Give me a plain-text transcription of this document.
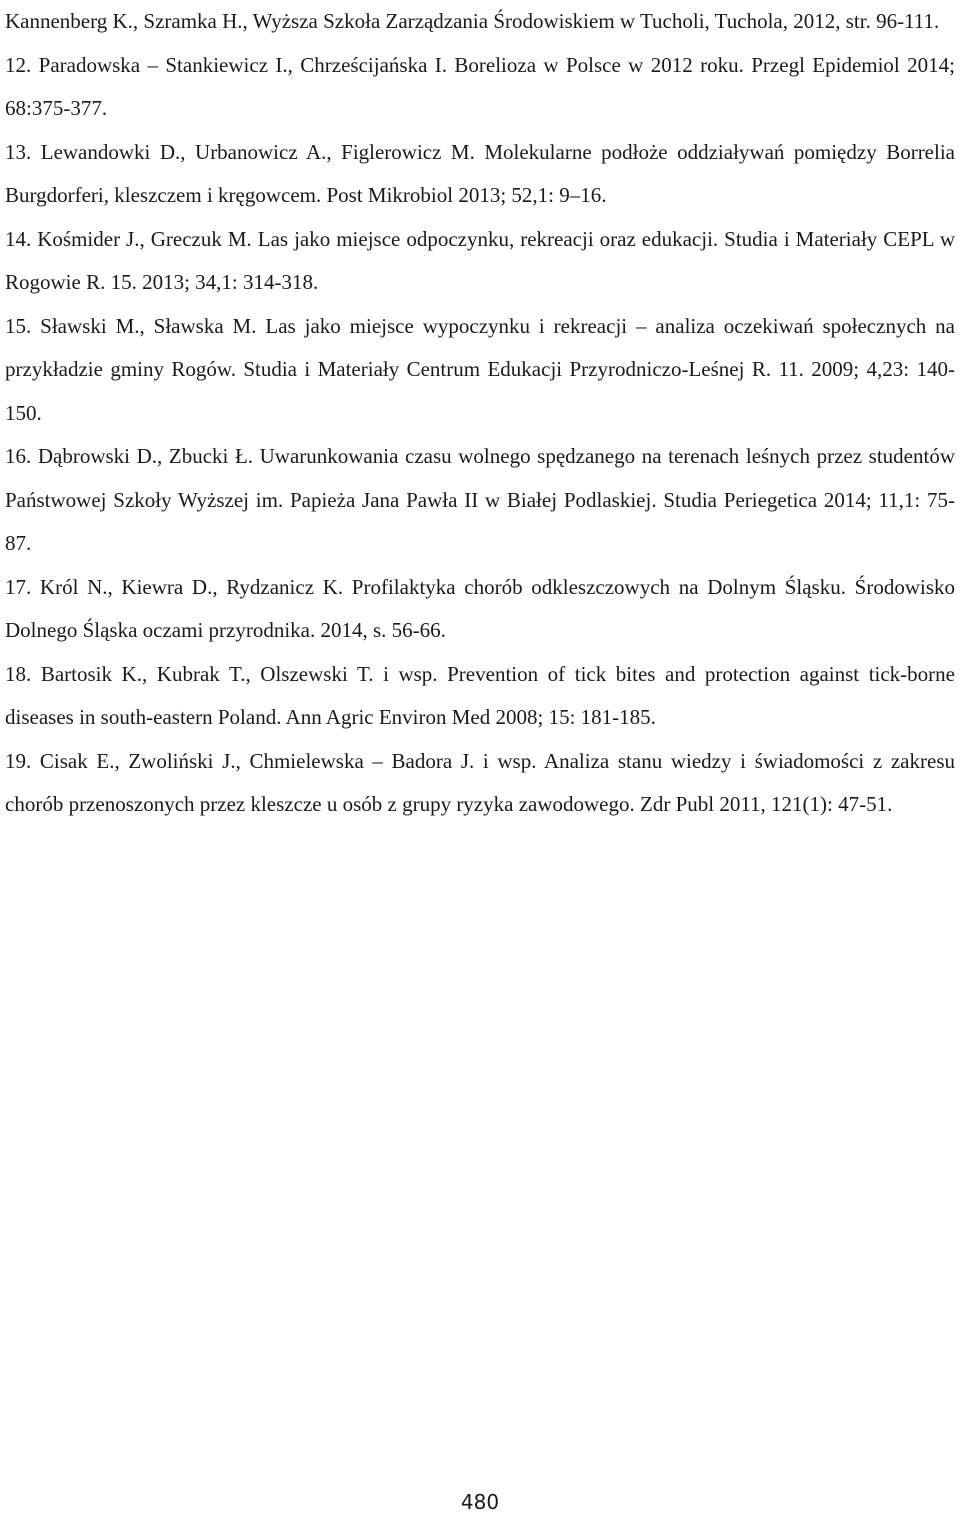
Kannenberg K., Szramka H., Wyższa Szkoła Zarządzania Środowiskiem w Tucholi, Tuchola, 2012, str. 96-111.
12. Paradowska – Stankiewicz I., Chrześcijańska I. Borelioza w Polsce w 2012 roku. Przegl Epidemiol 2014; 68:375-377.
13. Lewandowki D., Urbanowicz A., Figlerowicz M. Molekularne podłoże oddziaływań pomiędzy Borrelia Burgdorferi, kleszczem i kręgowcem. Post Mikrobiol 2013; 52,1: 9–16.
14. Kośmider J., Greczuk M. Las jako miejsce odpoczynku, rekreacji oraz edukacji. Studia i Materiały CEPL w Rogowie R. 15. 2013; 34,1: 314-318.
15. Sławski M., Sławska M. Las jako miejsce wypoczynku i rekreacji – analiza oczekiwań społecznych na przykładzie gminy Rogów. Studia i Materiały Centrum Edukacji Przyrodniczo-Leśnej R. 11. 2009; 4,23: 140-150.
16. Dąbrowski D., Zbucki Ł. Uwarunkowania czasu wolnego spędzanego na terenach leśnych przez studentów Państwowej Szkoły Wyższej im. Papieża Jana Pawła II w Białej Podlaskiej. Studia Periegetica 2014; 11,1: 75-87.
17. Król N., Kiewra D., Rydzanicz K. Profilaktyka chorób odkleszczowych na Dolnym Śląsku. Środowisko Dolnego Śląska oczami przyrodnika. 2014, s. 56-66.
18. Bartosik K., Kubrak T., Olszewski T. i wsp. Prevention of tick bites and protection against tick-borne diseases in south-eastern Poland. Ann Agric Environ Med 2008; 15: 181-185.
19. Cisak E., Zwoliński J., Chmielewska – Badora J. i wsp. Analiza stanu wiedzy i świadomości z zakresu chorób przenoszonych przez kleszcze u osób z grupy ryzyka zawodowego. Zdr Publ 2011, 121(1): 47-51.
480
